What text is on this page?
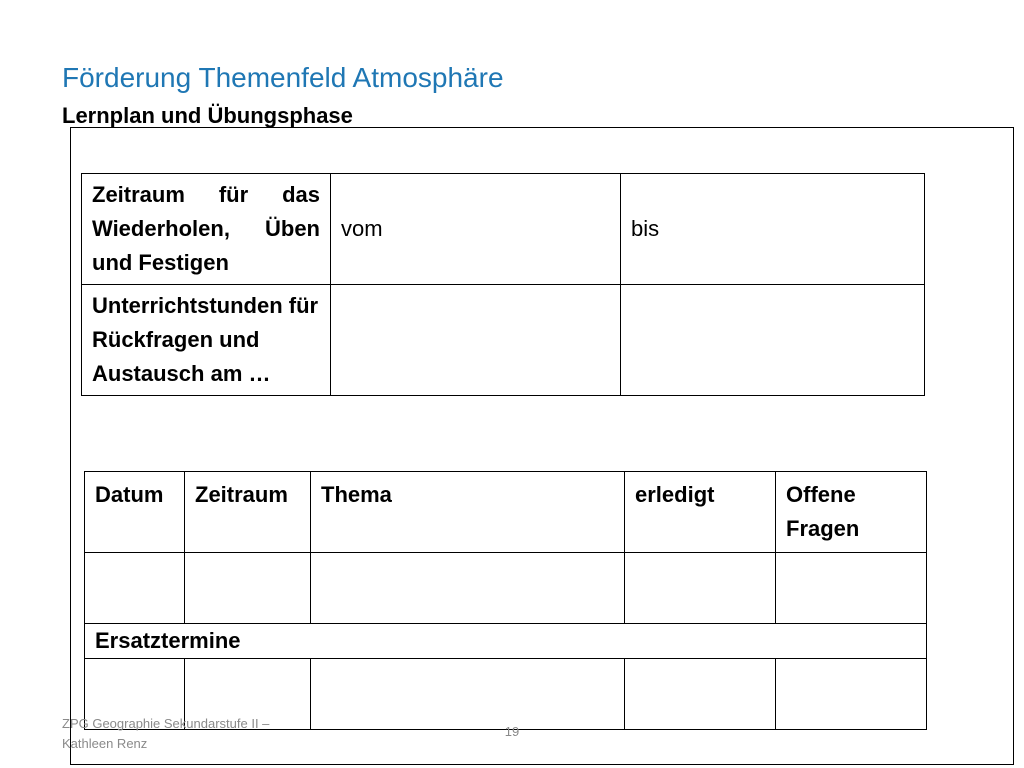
Förderung Themenfeld Atmosphäre
Lernplan und Übungsphase
Zeitraum für das Wiederholen, Üben und Festigen	vom	bis
Unterrichtstunden für Rückfragen und Austausch am …		
Datum	Zeitraum	Thema	erledigt	Offene Fragen

Ersatztermine				

ZPG Geographie Sekundarstufe II – Kathleen Renz
19
